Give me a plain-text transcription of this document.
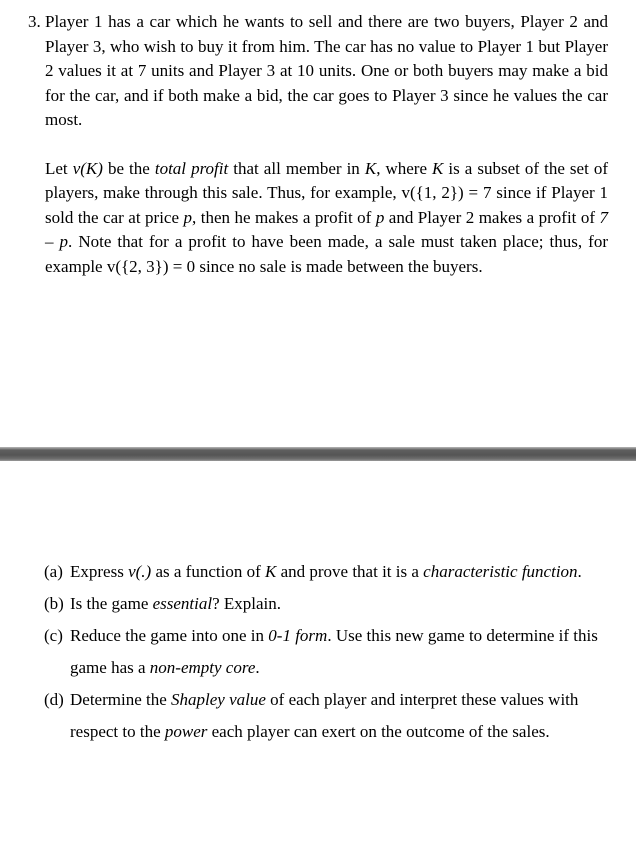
3. Player 1 has a car which he wants to sell and there are two buyers, Player 2 and Player 3, who wish to buy it from him. The car has no value to Player 1 but Player 2 values it at 7 units and Player 3 at 10 units. One or both buyers may make a bid for the car, and if both make a bid, the car goes to Player 3 since he values the car most.

Let v(K) be the total profit that all member in K, where K is a subset of the set of players, make through this sale. Thus, for example, v({1, 2}) = 7 since if Player 1 sold the car at price p, then he makes a profit of p and Player 2 makes a profit of 7 – p. Note that for a profit to have been made, a sale must taken place; thus, for example v({2, 3}) = 0 since no sale is made between the buyers.

(a) Express v(.) as a function of K and prove that it is a characteristic function.
(b) Is the game essential? Explain.
(c) Reduce the game into one in 0-1 form. Use this new game to determine if this game has a non-empty core.
(d) Determine the Shapley value of each player and interpret these values with respect to the power each player can exert on the outcome of the sales.
